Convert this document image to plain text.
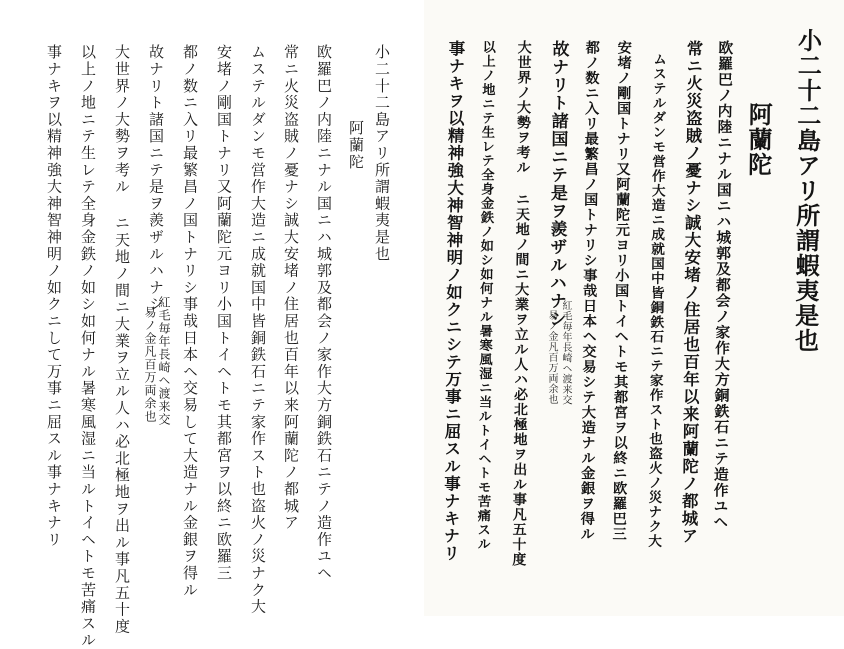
小二十二島アリ所謂蝦夷是也
阿蘭陀
欧羅巴ノ内陸ニナル国ニハ城郭及都会ノ家作大方銅鉄石ニテノ造作ユヘ
常ニ火災盗賊ノ憂ナシ誠大安堵ノ住居也百年以来阿蘭陀ノ都城ア
ムステルダンモ営作大造ニ成就国中皆銅鉄石ニテ家作スト也盗火ノ災ナク大
安堵ノ剛国トナリ又阿蘭陀元ヨリ小国トイヘトモ其都宮ヲ以終ニ欧羅三
都ノ数ニ入リ最繁昌ノ国トナリシ事哉日本ヘ交易して大造ナル金銀ヲ得ル
故ナリト諸国ニテ是ヲ羨ザルハナシ
紅毛毎年長崎ヘ渡来交
易ノ金凡百万両余也
大世界ノ大勢ヲ考ル ニ天地ノ間ニ大業ヲ立ル人ハ必北極地ヲ出ル事凡五十度
以上ノ地ニテ生レテ全身金鉄ノ如シ如何ナル暑寒風湿ニ当ルトイヘトモ苦痛スル
事ナキヲ以精神強大神智神明ノ如クニして万事ニ屈スル事ナキナリ	小二十二島アリ所謂蝦夷是也
阿蘭陀
欧羅巴ノ内陸ニナル国ニハ城郭及都会ノ家作大方銅鉄石ニテ造作ユヘ
常ニ火災盗賊ノ憂ナシ誠大安堵ノ住居也百年以来阿蘭陀ノ都城ア
ムステルダンモ営作大造ニ成就国中皆銅鉄石ニテ家作スト也盗火ノ災ナク大
安堵ノ剛国トナリ又阿蘭陀元ヨリ小国トイヘトモ其都宮ヲ以終ニ欧羅巴三
都ノ数ニ入リ最繁昌ノ国トナリシ事哉日本ヘ交易シテ大造ナル金銀ヲ得ル
故ナリト諸国ニテ是ヲ羨ザルハナシ
紅毛毎年長崎ヘ渡来交
易ノ金凡百万両余也
大世界ノ大勢ヲ考ル ニ天地ノ間ニ大業ヲ立ル人ハ必北極地ヲ出ル事凡五十度
以上ノ地ニテ生レテ全身金鉄ノ如シ如何ナル暑寒風湿ニ当ルトイヘトモ苦痛スル
事ナキヲ以精神強大神智神明ノ如クニシテ万事ニ屈スル事ナキナリ
